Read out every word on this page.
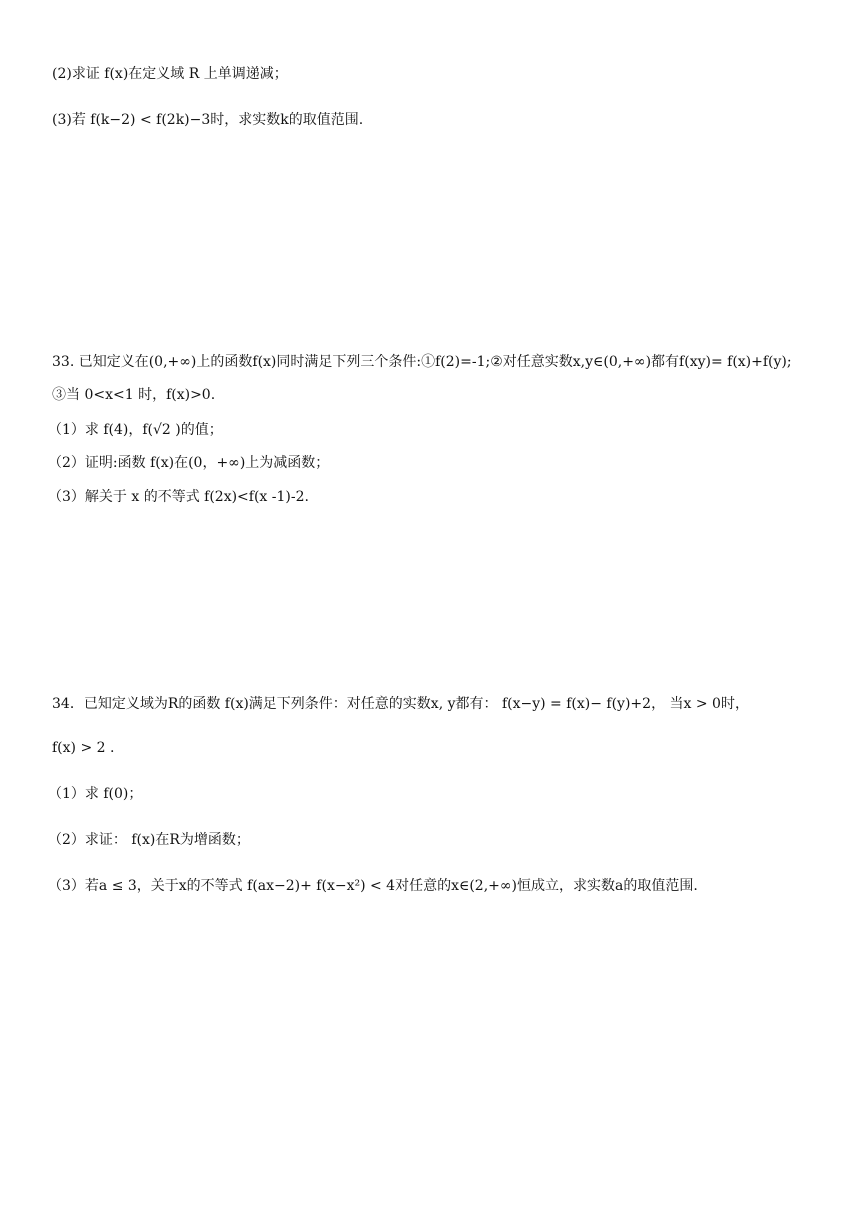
(2)求证 f(x)在定义域 R 上单调递减；
(3)若 f(k−2) < f(2k)−3时，求实数k的取值范围.
33. 已知定义在(0,+∞)上的函数f(x)同时满足下列三个条件:①f(2)=-1;②对任意实数x,y∈(0,+∞)都有f(xy)= f(x)+f(y);
③当 0<x<1 时，f(x)>0.
（1）求 f(4)，f(√2 )的值；
（2）证明:函数 f(x)在(0，+∞)上为减函数；
（3）解关于 x 的不等式 f(2x)<f(x -1)-2.
34．已知定义域为R的函数 f(x)满足下列条件：对任意的实数x, y都有： f(x−y) = f(x)− f(y)+2， 当x > 0时，
f(x) > 2 .
（1）求 f(0)；
（2）求证： f(x)在R为增函数；
（3）若a ≤ 3，关于x的不等式 f(ax−2)+ f(x−x²) < 4对任意的x∈(2,+∞)恒成立，求实数a的取值范围.
